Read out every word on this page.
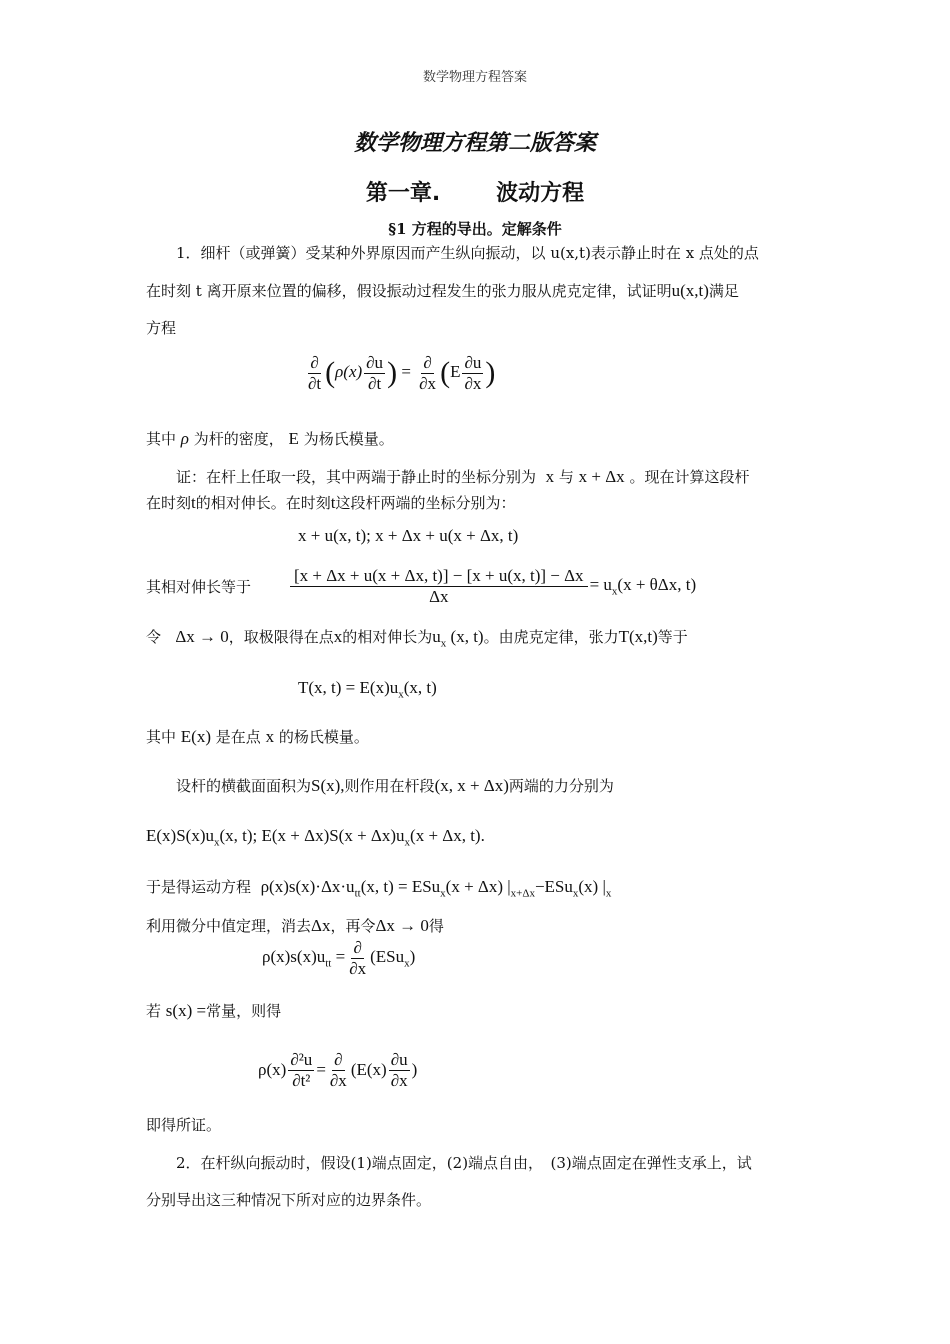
数学物理方程答案
数学物理方程第二版答案
第一章.	波动方程
§1 方程的导出。定解条件
1．细杆（或弹簧）受某种外界原因而产生纵向振动，以 u(x,t)表示静止时在 x 点处的点
在时刻 t 离开原来位置的偏移，假设振动过程发生的张力服从虎克定律，试证明u(x,t)满足
方程
$\frac{\partial}{\partial t} (\rho(x) \frac{\partial u}{\partial t}$ ) = $\frac{\partial}{\partial x} (E \frac{\partial u}{\partial x}$ )
其中 ρ 为杆的密度， E 为杨氏模量。
证：在杆上任取一段，其中两端于静止时的坐标分别为 x 与 x + Δx 。现在计算这段杆
在时刻t的相对伸长。在时刻t这段杆两端的坐标分别为：
x + u(x, t); x + Δx + u(x + Δx, t)
其相对伸长等于 $\frac{[x + \Delta x + u(x + \Delta x, t)] - [x + u(x, t)] - \Delta x}{\Delta x} = u_x(x + \theta\Delta x$, t)
令 Δx → 0，取极限得在点x的相对伸长为$u_x$ (x, t)。由虎克定律，张力T(x,t)等于
T(x, $t) = E(x)u_x(x$, t)
其中 E(x) 是在点 x 的杨氏模量。
设杆的横截面面积为S(x),则作用在杆段(x, x + Δx)两端的力分别为
$E(x)S(x)u_x(x$, t); $E(x + \Delta x)S(x + \Delta x)u_x(x + \Delta x$, t).
于是得运动方程 $\rho(x)s(x)\cdot\Delta x\cdot u_{tt}(x$, t) = ESu$_x$(x + Δx) $|_{x+\Delta x}-ESu_x(x)$ $|_x$
利用微分中值定理，消去Δx，再令Δx → 0得
$\rho(x)s(x)u_{tt} = \frac{\partial}{\partial x} (ESu_x)$
若 s(x) =常量，则得
$\rho(x) \frac{\text{∂²u}}{\text{∂t²}} = \frac{\partial}{\partial x} (E(x) \frac{\partial u}{\partial x}$ )
即得所证。
2．在杆纵向振动时，假设(1)端点固定，(2)端点自由，　(3)端点固定在弹性支承上，试
分别导出这三种情况下所对应的边界条件。
